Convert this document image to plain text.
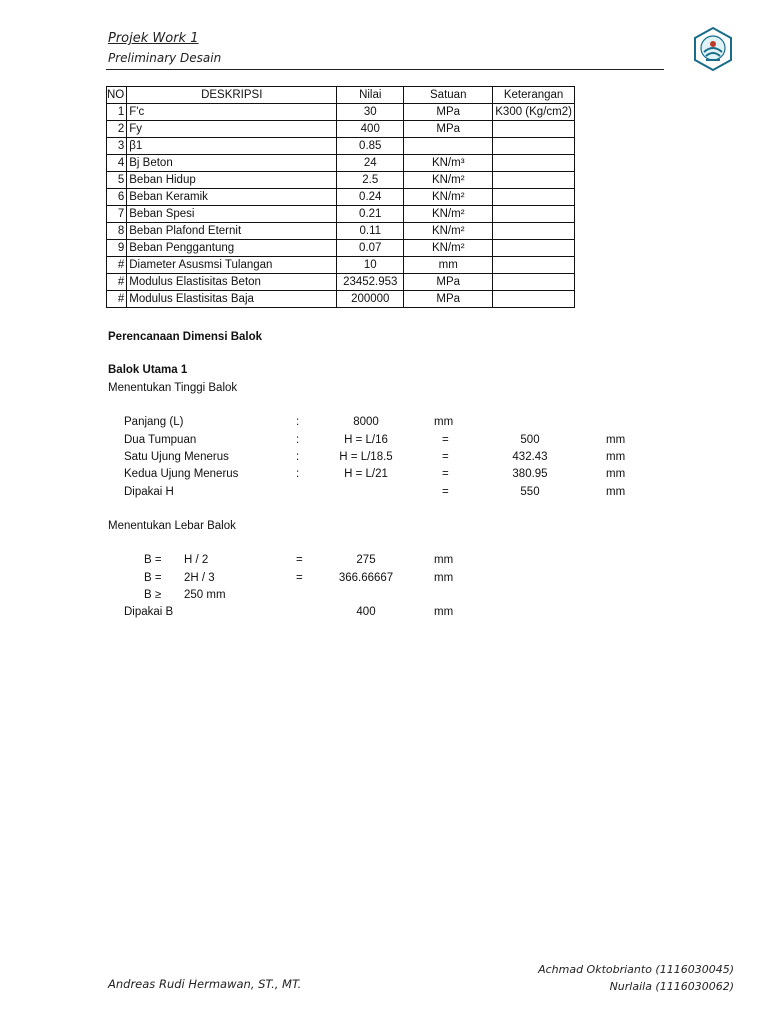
Projek Work 1
Preliminary Desain
NO	DESKRIPSI	Nilai	Satuan	Keterangan
1	F'c	30	MPa	K300 (Kg/cm2)
2	Fy	400	MPa	
3	β1	0.85		
4	Bj Beton	24	KN/m³	
5	Beban Hidup	2.5	KN/m²	
6	Beban Keramik	0.24	KN/m²	
7	Beban Spesi	0.21	KN/m²	
8	Beban Plafond Eternit	0.11	KN/m²	
9	Beban Penggantung	0.07	KN/m²	
#	Diameter Asusmsi Tulangan	10	mm	
#	Modulus Elastisitas Beton	23452.953	MPa	
#	Modulus Elastisitas Baja	200000	MPa	
Perencanaan Dimensi Balok
Balok Utama 1
Menentukan Tinggi Balok
Panjang (L)	:	8000	mm
Dua Tumpuan	:	H = L/16	=	500	mm
Satu Ujung Menerus	:	H = L/18.5	=	432.43	mm
Kedua Ujung Menerus	:	H = L/21	=	380.95	mm
Dipakai H	=	550	mm
Menentukan Lebar Balok
B = H / 2	=	275	mm
B = 2H / 3	=	366.66667	mm
B ≥ 250 mm
Dipakai B	400	mm
Andreas Rudi Hermawan, ST., MT.
Achmad Oktobrianto (1116030045)
Nurlaila (1116030062)
